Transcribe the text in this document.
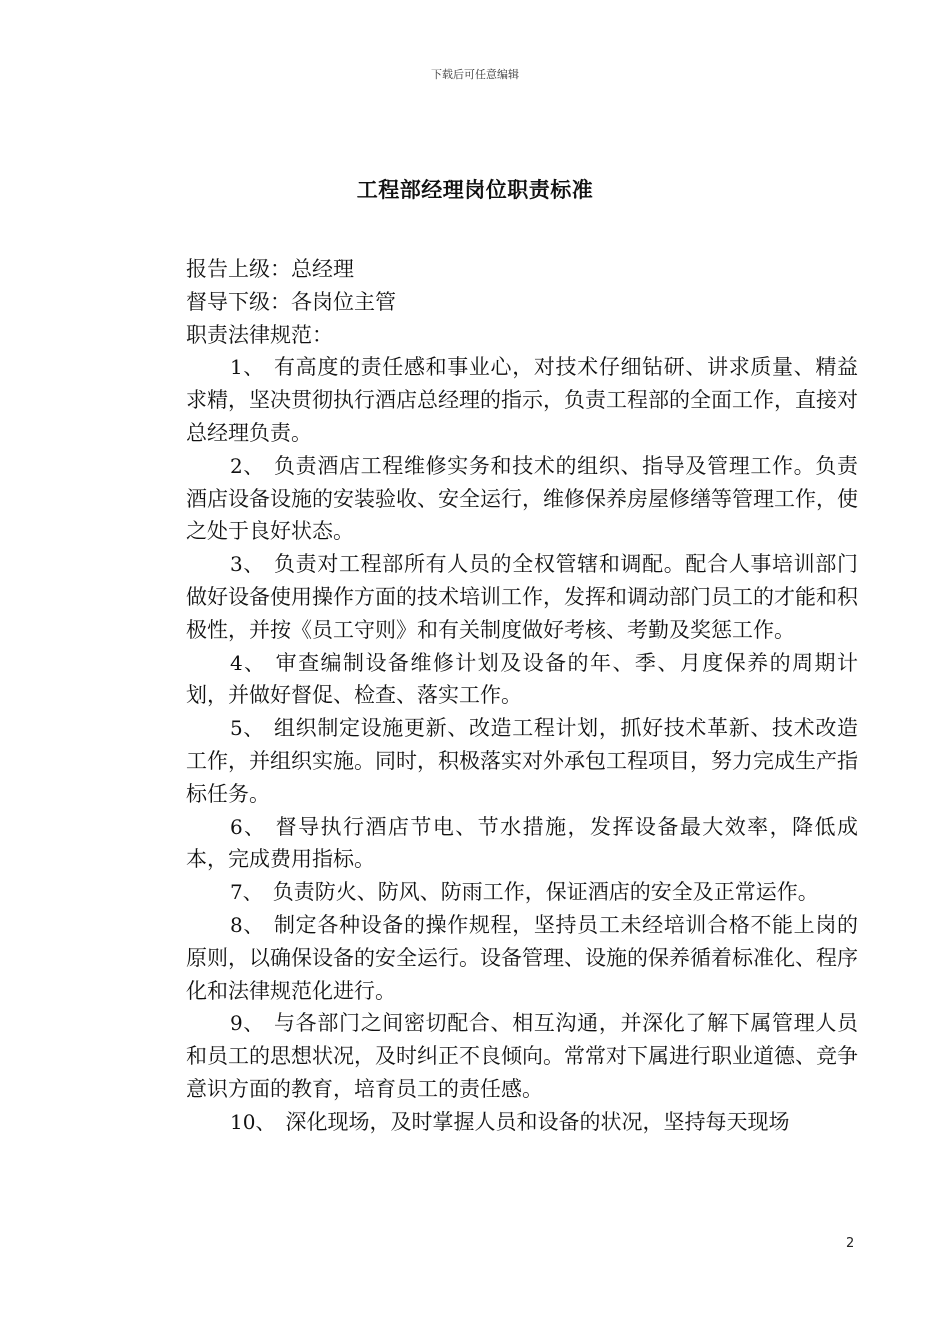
下载后可任意编辑
工程部经理岗位职责标准

报告上级：总经理

督导下级：各岗位主管

职责法律规范：

1、 有高度的责任感和事业心，对技术仔细钻研、讲求质量、精益求精，坚决贯彻执行酒店总经理的指示，负责工程部的全面工作，直接对总经理负责。

2、 负责酒店工程维修实务和技术的组织、指导及管理工作。负责酒店设备设施的安装验收、安全运行，维修保养房屋修缮等管理工作，使之处于良好状态。

3、 负责对工程部所有人员的全权管辖和调配。配合人事培训部门做好设备使用操作方面的技术培训工作，发挥和调动部门员工的才能和积极性，并按《员工守则》和有关制度做好考核、考勤及奖惩工作。

4、 审查编制设备维修计划及设备的年、季、月度保养的周期计划，并做好督促、检查、落实工作。

5、 组织制定设施更新、改造工程计划，抓好技术革新、技术改造工作，并组织实施。同时，积极落实对外承包工程项目，努力完成生产指标任务。

6、 督导执行酒店节电、节水措施，发挥设备最大效率，降低成本，完成费用指标。

7、 负责防火、防风、防雨工作，保证酒店的安全及正常运作。

8、 制定各种设备的操作规程，坚持员工未经培训合格不能上岗的原则，以确保设备的安全运行。设备管理、设施的保养循着标准化、程序化和法律规范化进行。

9、 与各部门之间密切配合、相互沟通，并深化了解下属管理人员和员工的思想状况，及时纠正不良倾向。常常对下属进行职业道德、竞争意识方面的教育，培育员工的责任感。

10、 深化现场，及时掌握人员和设备的状况，坚持每天现场

2
